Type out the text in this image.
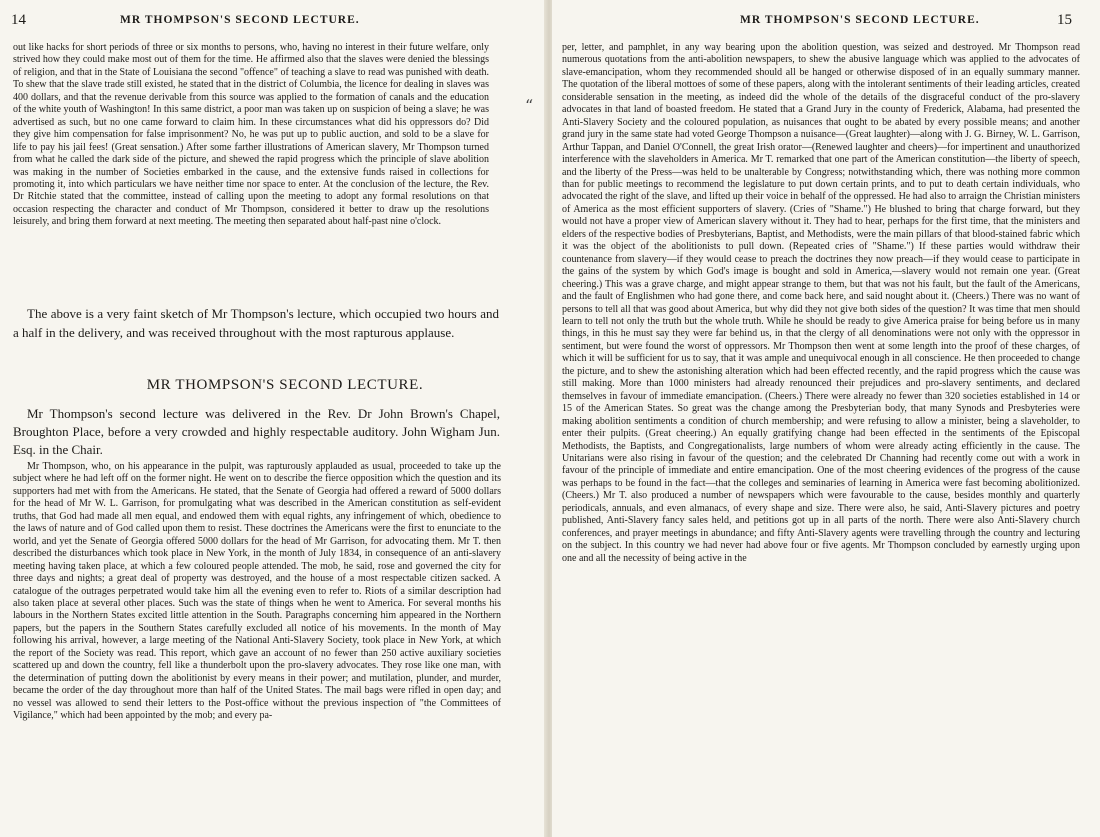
14	MR THOMPSON'S SECOND LECTURE.

out like hacks for short periods of three or six months to persons, who, having no interest in their future welfare, only strived how they could make most out of them for the time. He affirmed also that the slaves were denied the blessings of religion, and that in the State of Louisiana the second "offence" of teaching a slave to read was punished with death. To shew that the slave trade still existed, he stated that in the district of Columbia, the licence for dealing in slaves was 400 dollars, and that the revenue derivable from this source was applied to the formation of canals and the education of the white youth of Washington! In this same district, a poor man was taken up on suspicion of being a slave; he was advertised as such, but no one came forward to claim him. In these circumstances what did his oppressors do? Did they give him compensation for false imprisonment? No, he was put up to public auction, and sold to be a slave for life to pay his jail fees! (Great sensation.) After some farther illustrations of American slavery, Mr Thompson turned from what he called the dark side of the picture, and shewed the rapid progress which the principle of slave abolition was making in the number of Societies embarked in the cause, and the extensive funds raised in collections for promoting it, into which particulars we have neither time nor space to enter. At the conclusion of the lecture, the Rev. Dr Ritchie stated that the committee, instead of calling upon the meeting to adopt any formal resolutions on that occasion respecting the character and conduct of Mr Thompson, considered it better to draw up the resolutions leisurely, and bring them forward at next meeting. The meeting then separated about half-past nine o'clock.

The above is a very faint sketch of Mr Thompson's lecture, which occupied two hours and a half in the delivery, and was received throughout with the most rapturous applause.

MR THOMPSON'S SECOND LECTURE.

Mr Thompson's second lecture was delivered in the Rev. Dr John Brown's Chapel, Broughton Place, before a very crowded and highly respectable auditory. John Wigham Jun. Esq. in the Chair.

Mr Thompson, who, on his appearance in the pulpit, was rapturously applauded as usual, proceeded to take up the subject where he had left off on the former night. He went on to describe the fierce opposition which the question and its supporters had met with from the Americans. He stated, that the Senate of Georgia had offered a reward of 5000 dollars for the head of Mr W. L. Garrison, for promulgating what was described in the American constitution as self-evident truths, that God had made all men equal, and endowed them with equal rights, any infringement of which, obedience to the laws of nature and of God called upon them to resist. These doctrines the Americans were the first to enunciate to the world, and yet the Senate of Georgia offered 5000 dollars for the head of Mr Garrison, for advocating them. Mr T. then described the disturbances which took place in New York, in the month of July 1834, in consequence of an anti-slavery meeting having taken place, at which a few coloured people attended. The mob, he said, rose and governed the city for three days and nights; a great deal of property was destroyed, and the house of a most respectable citizen sacked. A catalogue of the outrages perpetrated would take him all the evening even to refer to. Riots of a similar description had also taken place at several other places. Such was the state of things when he went to America. For several months his labours in the Northern States excited little attention in the South. Paragraphs concerning him appeared in the Northern papers, but the papers in the Southern States carefully excluded all notice of his movements. In the month of May following his arrival, however, a large meeting of the National Anti-Slavery Society, took place in New York, at which the report of the Society was read. This report, which gave an account of no fewer than 250 active auxiliary societies scattered up and down the country, fell like a thunderbolt upon the pro-slavery advocates. They rose like one man, with the determination of putting down the abolitionist by every means in their power; and mutilation, plunder, and murder, became the order of the day throughout more than half of the United States. The mail bags were rifled in open day; and no vessel was allowed to send their letters to the Post-office without the previous inspection of "the Committees of Vigilance," which had been appointed by the mob; and every pa-

“
MR THOMPSON'S SECOND LECTURE.	15

per, letter, and pamphlet, in any way bearing upon the abolition question, was seized and destroyed. Mr Thompson read numerous quotations from the anti-abolition newspapers, to shew the abusive language which was applied to the advocates of slave-emancipation, whom they recommended should all be hanged or otherwise disposed of in an equally summary manner. The quotation of the liberal mottoes of some of these papers, along with the intolerant sentiments of their leading articles, created considerable sensation in the meeting, as indeed did the whole of the details of the disgraceful conduct of the pro-slavery advocates in that land of boasted freedom. He stated that a Grand Jury in the county of Frederick, Alabama, had presented the Anti-Slavery Society and the coloured population, as nuisances that ought to be abated by every possible means; and another grand jury in the same state had voted George Thompson a nuisance—(Great laughter)—along with J. G. Birney, W. L. Garrison, Arthur Tappan, and Daniel O'Connell, the great Irish orator—(Renewed laughter and cheers)—for impertinent and unauthorized interference with the slaveholders in America. Mr T. remarked that one part of the American constitution—the liberty of speech, and the liberty of the Press—was held to be unalterable by Congress; notwithstanding which, there was nothing more common than for public meetings to recommend the legislature to put down certain prints, and to put to death certain individuals, who advocated the right of the slave, and lifted up their voice in behalf of the oppressed. He had also to arraign the Christian ministers of America as the most efficient supporters of slavery. (Cries of "Shame.") He blushed to bring that charge forward, but they would not have a proper view of American slavery without it. They had to hear, perhaps for the first time, that the ministers and elders of the respective bodies of Presbyterians, Baptist, and Methodists, were the main pillars of that blood-stained fabric which it was the object of the abolitionists to pull down. (Repeated cries of "Shame.") If these parties would withdraw their countenance from slavery—if they would cease to preach the doctrines they now preach—if they would cease to participate in the gains of the system by which God's image is bought and sold in America,—slavery would not remain one year. (Great cheering.) This was a grave charge, and might appear strange to them, but that was not his fault, but the fault of the Americans, and the fault of Englishmen who had gone there, and come back here, and said nought about it. (Cheers.) There was no want of persons to tell all that was good about America, but why did they not give both sides of the question? It was time that men should learn to tell not only the truth but the whole truth. While he should be ready to give America praise for being before us in many things, in this he must say they were far behind us, in that the clergy of all denominations were not only with the oppressor in sentiment, but were found the worst of oppressors. Mr Thompson then went at some length into the proof of these charges, of which it will be sufficient for us to say, that it was ample and unequivocal enough in all conscience. He then proceeded to change the picture, and to shew the astonishing alteration which had been effected recently, and the rapid progress which the cause was still making. More than 1000 ministers had already renounced their prejudices and pro-slavery sentiments, and declared themselves in favour of immediate emancipation. (Cheers.) There were already no fewer than 320 societies established in 14 or 15 of the American States. So great was the change among the Presbyterian body, that many Synods and Presbyteries were making abolition sentiments a condition of church membership; and were refusing to allow a minister, being a slaveholder, to enter their pulpits. (Great cheering.) An equally gratifying change had been effected in the sentiments of the Episcopal Methodists, the Baptists, and Congregationalists, large numbers of whom were already acting efficiently in the cause. The Unitarians were also rising in favour of the question; and the celebrated Dr Channing had recently come out with a work in favour of the principle of immediate and entire emancipation. One of the most cheering evidences of the progress of the cause was perhaps to be found in the fact—that the colleges and seminaries of learning in America were fast becoming abolitionized. (Cheers.) Mr T. also produced a number of newspapers which were favourable to the cause, besides monthly and quarterly periodicals, annuals, and even almanacs, of every shape and size. There were also, he said, Anti-Slavery pictures and poetry published, Anti-Slavery fancy sales held, and petitions got up in all parts of the north. There were also Anti-Slavery church conferences, and prayer meetings in abundance; and fifty Anti-Slavery agents were travelling through the country and lecturing on the subject. In this country we had never had above four or five agents. Mr Thompson concluded by earnestly urging upon one and all the necessity of being active in the
